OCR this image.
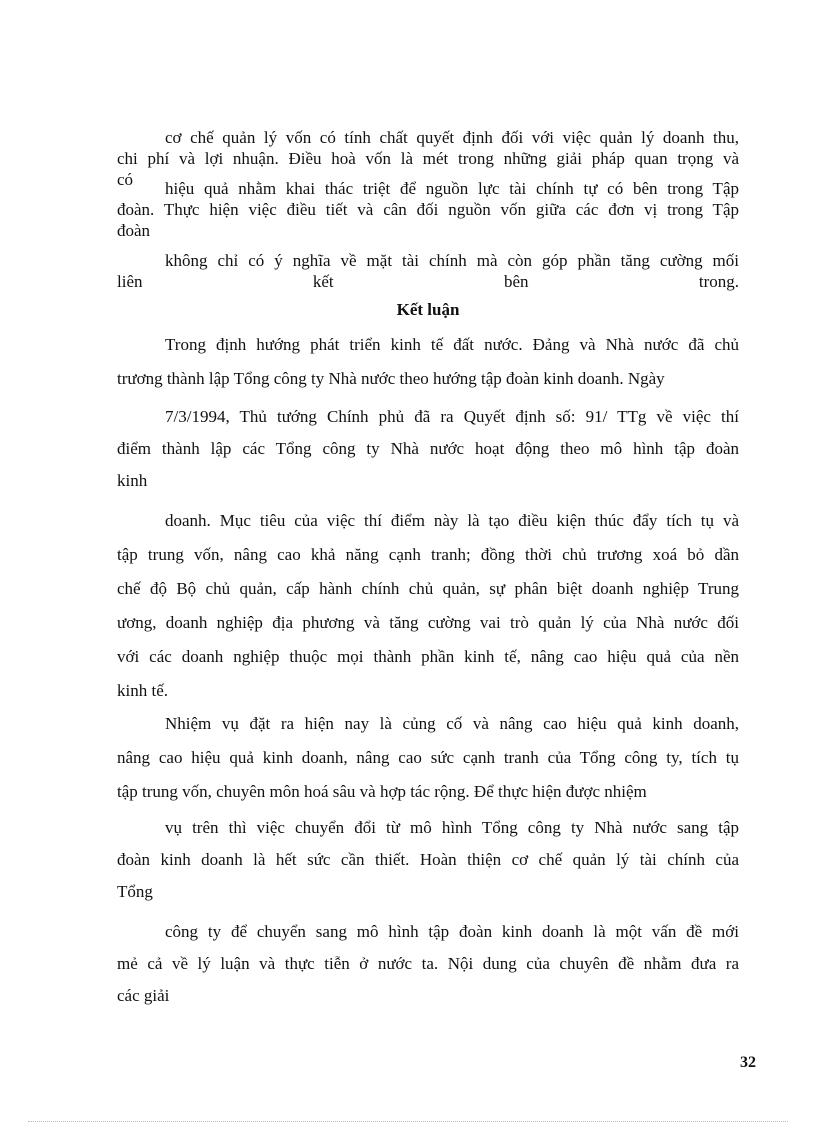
cơ chế quản lý vốn có tính chất quyết định đối với việc quản lý doanh thu,
chi phí và lợi nhuận. Điều hoà vốn là mét trong những giải pháp quan trọng và
có	hiệu quả nhằm khai thác triệt để nguồn lực tài chính tự có bên trong Tập
đoàn. Thực hiện việc điều tiết và cân đối nguồn vốn giữa các đơn vị trong Tập
đoàn
không chỉ có ý nghĩa về mặt tài chính mà còn góp phần tăng cường mối
liên kết bên trong.
Kết luận
Trong định hướng phát triển kinh tế đất nước. Đảng và Nhà nước đã chủ
trương thành lập Tổng công ty Nhà nước theo hướng tập đoàn kinh doanh. Ngày
7/3/1994, Thủ tướng Chính phủ đã ra Quyết định số: 91/ TTg về việc thí
điểm thành lập các Tổng công ty Nhà nước hoạt động theo mô hình tập đoàn
kinh
doanh. Mục tiêu của việc thí điểm này là tạo điều kiện thúc đẩy tích tụ và
tập trung vốn, nâng cao khả năng cạnh tranh; đồng thời chủ trương xoá bỏ dần
chế độ Bộ chủ quản, cấp hành chính chủ quản, sự phân biệt doanh nghiệp Trung
ương, doanh nghiệp địa phương và tăng cường vai trò quản lý của Nhà nước đối
với các doanh nghiệp thuộc mọi thành phần kinh tế, nâng cao hiệu quả của nền
kinh tế.
Nhiệm vụ đặt ra hiện nay là củng cố và nâng cao hiệu quả kinh doanh,
nâng cao hiệu quả kinh doanh, nâng cao sức cạnh tranh của Tổng công ty, tích tụ
tập trung vốn, chuyên môn hoá sâu và hợp tác rộng. Để thực hiện được nhiệm
vụ trên thì việc chuyển đổi từ mô hình Tổng công ty Nhà nước sang tập
đoàn kinh doanh là hết sức cần thiết. Hoàn thiện cơ chế quản lý tài chính của
Tổng
công ty để chuyển sang mô hình tập đoàn kinh doanh là một vấn đề mới
mẻ cả về lý luận và thực tiễn ở nước ta. Nội dung của chuyên đề nhằm đưa ra
các giải
32
